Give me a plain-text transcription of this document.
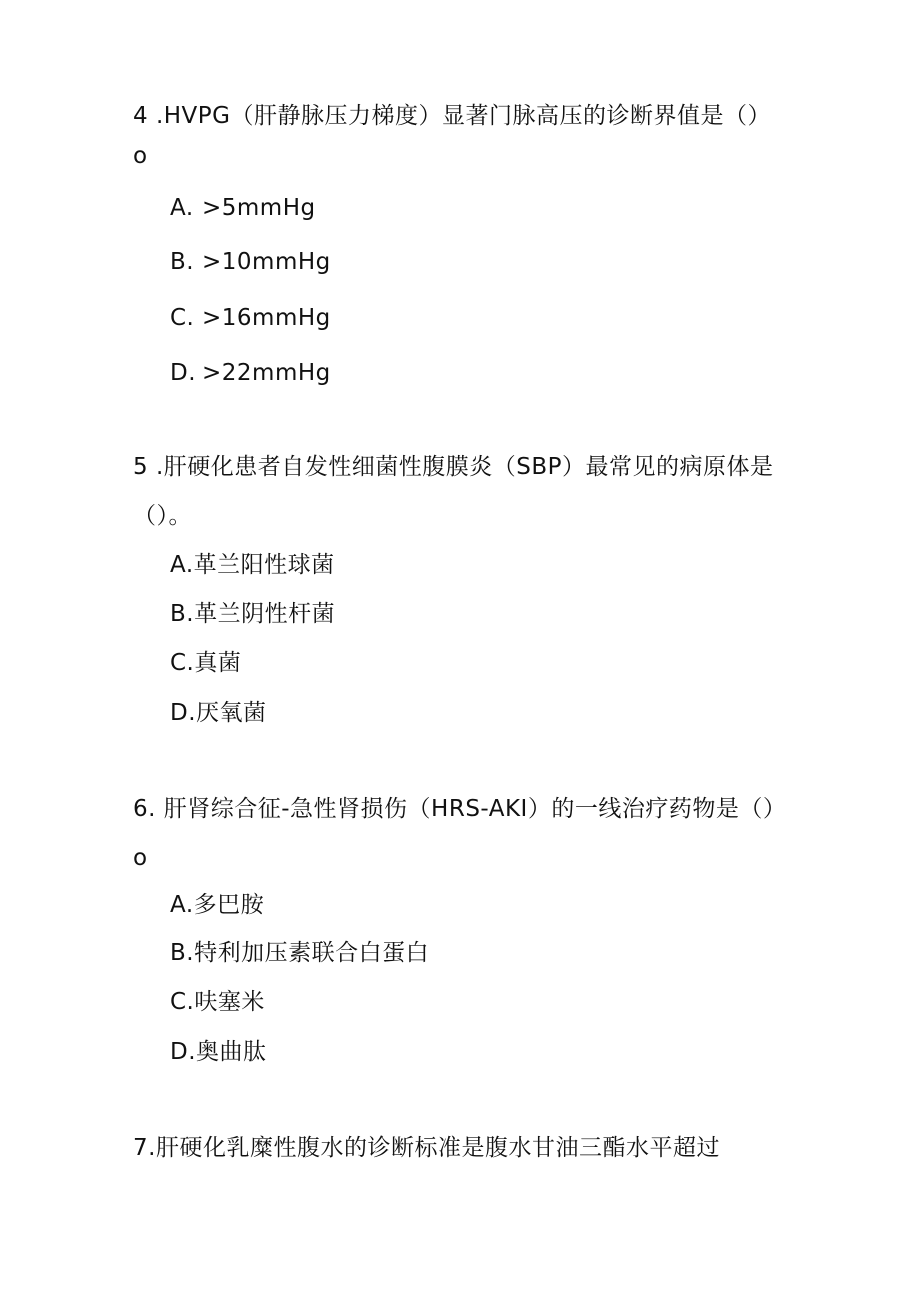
4 .HVPG（肝静脉压力梯度）显著门脉高压的诊断界值是（）
o
A. >5mmHg
B. >10mmHg
C. >16mmHg
D. >22mmHg
5 .肝硬化患者自发性细菌性腹膜炎（SBP）最常见的病原体是
（）。
A.革兰阳性球菌
B.革兰阴性杆菌
C.真菌
D.厌氧菌
6. 肝肾综合征-急性肾损伤（HRS-AKI）的一线治疗药物是（）
o
A.多巴胺
B.特利加压素联合白蛋白
C.呋塞米
D.奥曲肽
7.肝硬化乳糜性腹水的诊断标准是腹水甘油三酯水平超过
